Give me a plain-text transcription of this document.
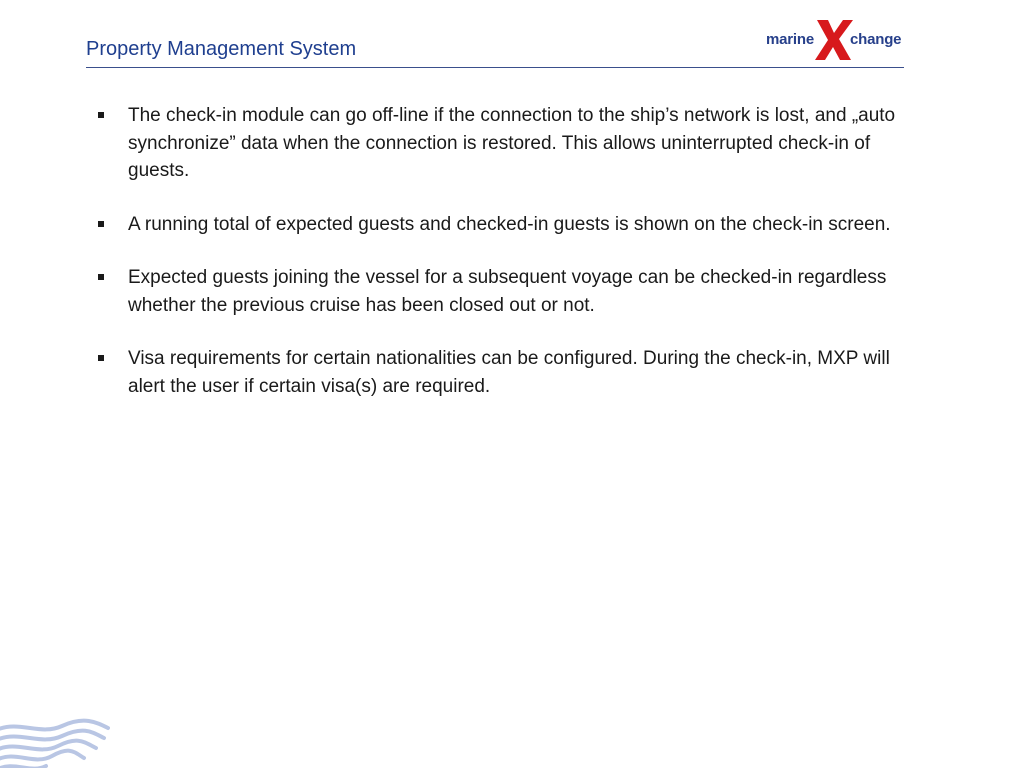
Property Management System	marine change
The check-in module can go off-line if the connection to the ship’s network is lost, and „auto synchronize” data when the connection is restored. This allows uninterrupted check-in of guests.
A running total of expected guests and checked-in guests is shown on the check-in screen.
Expected guests joining the vessel for a subsequent voyage can be checked-in regardless whether the previous cruise has been closed out or not.
Visa requirements for certain nationalities can be configured. During the check-in, MXP will alert the user if certain visa(s) are required.
